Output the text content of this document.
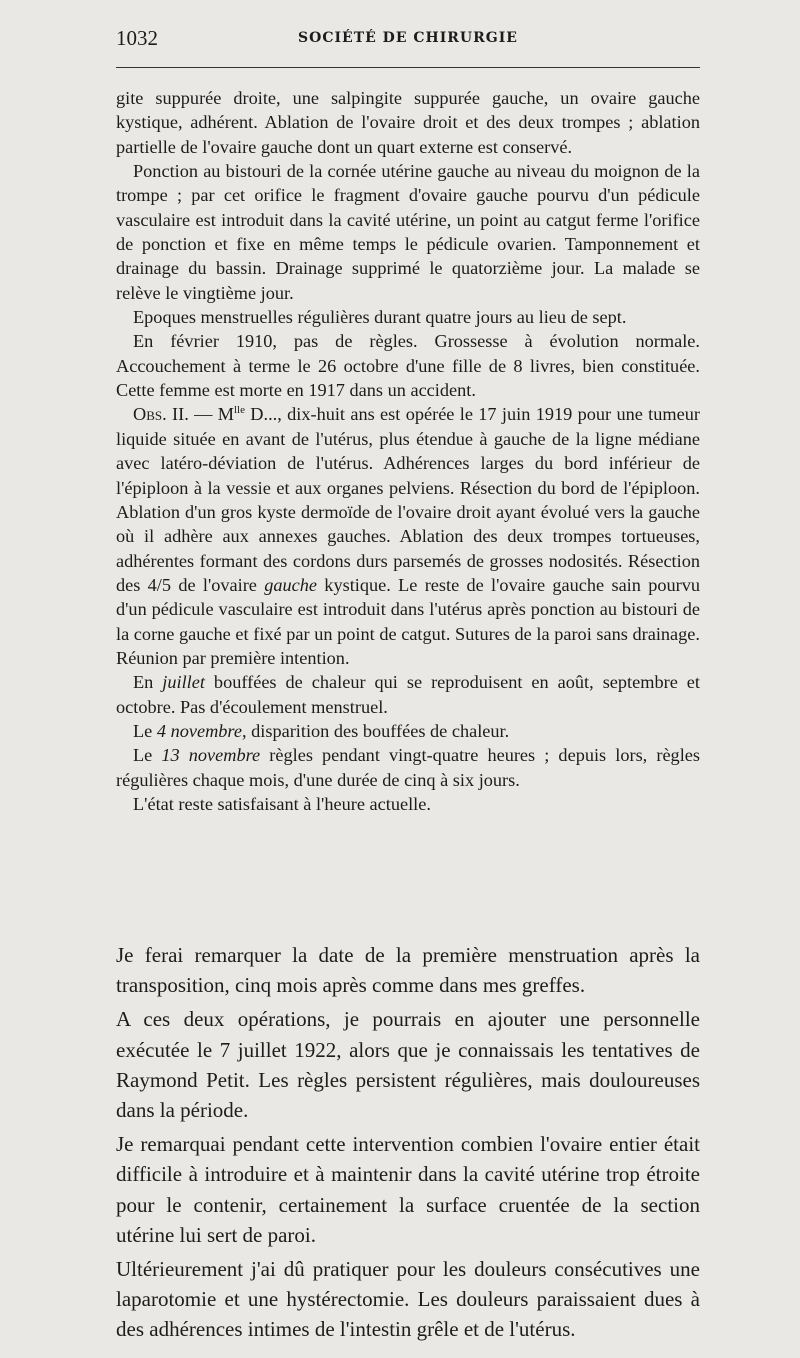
1032	SOCIÉTÉ DE CHIRURGIE

gite suppurée droite, une salpingite suppurée gauche, un ovaire gauche kystique, adhérent. Ablation de l'ovaire droit et des deux trompes ; ablation partielle de l'ovaire gauche dont un quart externe est conservé.

Ponction au bistouri de la cornée utérine gauche au niveau du moignon de la trompe ; par cet orifice le fragment d'ovaire gauche pourvu d'un pédicule vasculaire est introduit dans la cavité utérine, un point au catgut ferme l'orifice de ponction et fixe en même temps le pédicule ovarien. Tamponnement et drainage du bassin. Drainage supprimé le quatorzième jour. La malade se relève le vingtième jour.

Epoques menstruelles régulières durant quatre jours au lieu de sept.

En février 1910, pas de règles. Grossesse à évolution normale. Accouchement à terme le 26 octobre d'une fille de 8 livres, bien constituée. Cette femme est morte en 1917 dans un accident.

Obs. II. — $M^{lle}$ D..., dix-huit ans est opérée le 17 juin 1919 pour une tumeur liquide située en avant de l'utérus, plus étendue à gauche de la ligne médiane avec latéro-déviation de l'utérus. Adhérences larges du bord inférieur de l'épiploon à la vessie et aux organes pelviens. Résection du bord de l'épiploon. Ablation d'un gros kyste dermoïde de l'ovaire droit ayant évolué vers la gauche où il adhère aux annexes gauches. Ablation des deux trompes tortueuses, adhérentes formant des cordons durs parsemés de grosses nodosités. Résection des 4/5 de l'ovaire gauche kystique. Le reste de l'ovaire gauche sain pourvu d'un pédicule vasculaire est introduit dans l'utérus après ponction au bistouri de la corne gauche et fixé par un point de catgut. Sutures de la paroi sans drainage. Réunion par première intention.

En juillet bouffées de chaleur qui se reproduisent en août, septembre et octobre. Pas d'écoulement menstruel.

Le 4 novembre, disparition des bouffées de chaleur.

Le 13 novembre règles pendant vingt-quatre heures ; depuis lors, règles régulières chaque mois, d'une durée de cinq à six jours.

L'état reste satisfaisant à l'heure actuelle.

Je ferai remarquer la date de la première menstruation après la transposition, cinq mois après comme dans mes greffes.

A ces deux opérations, je pourrais en ajouter une personnelle exécutée le 7 juillet 1922, alors que je connaissais les tentatives de Raymond Petit. Les règles persistent régulières, mais douloureuses dans la période.

Je remarquai pendant cette intervention combien l'ovaire entier était difficile à introduire et à maintenir dans la cavité utérine trop étroite pour le contenir, certainement la surface cruentée de la section utérine lui sert de paroi.

Ultérieurement j'ai dû pratiquer pour les douleurs consécutives une laparotomie et une hystérectomie. Les douleurs paraissaient dues à des adhérences intimes de l'intestin grêle et de l'utérus.
